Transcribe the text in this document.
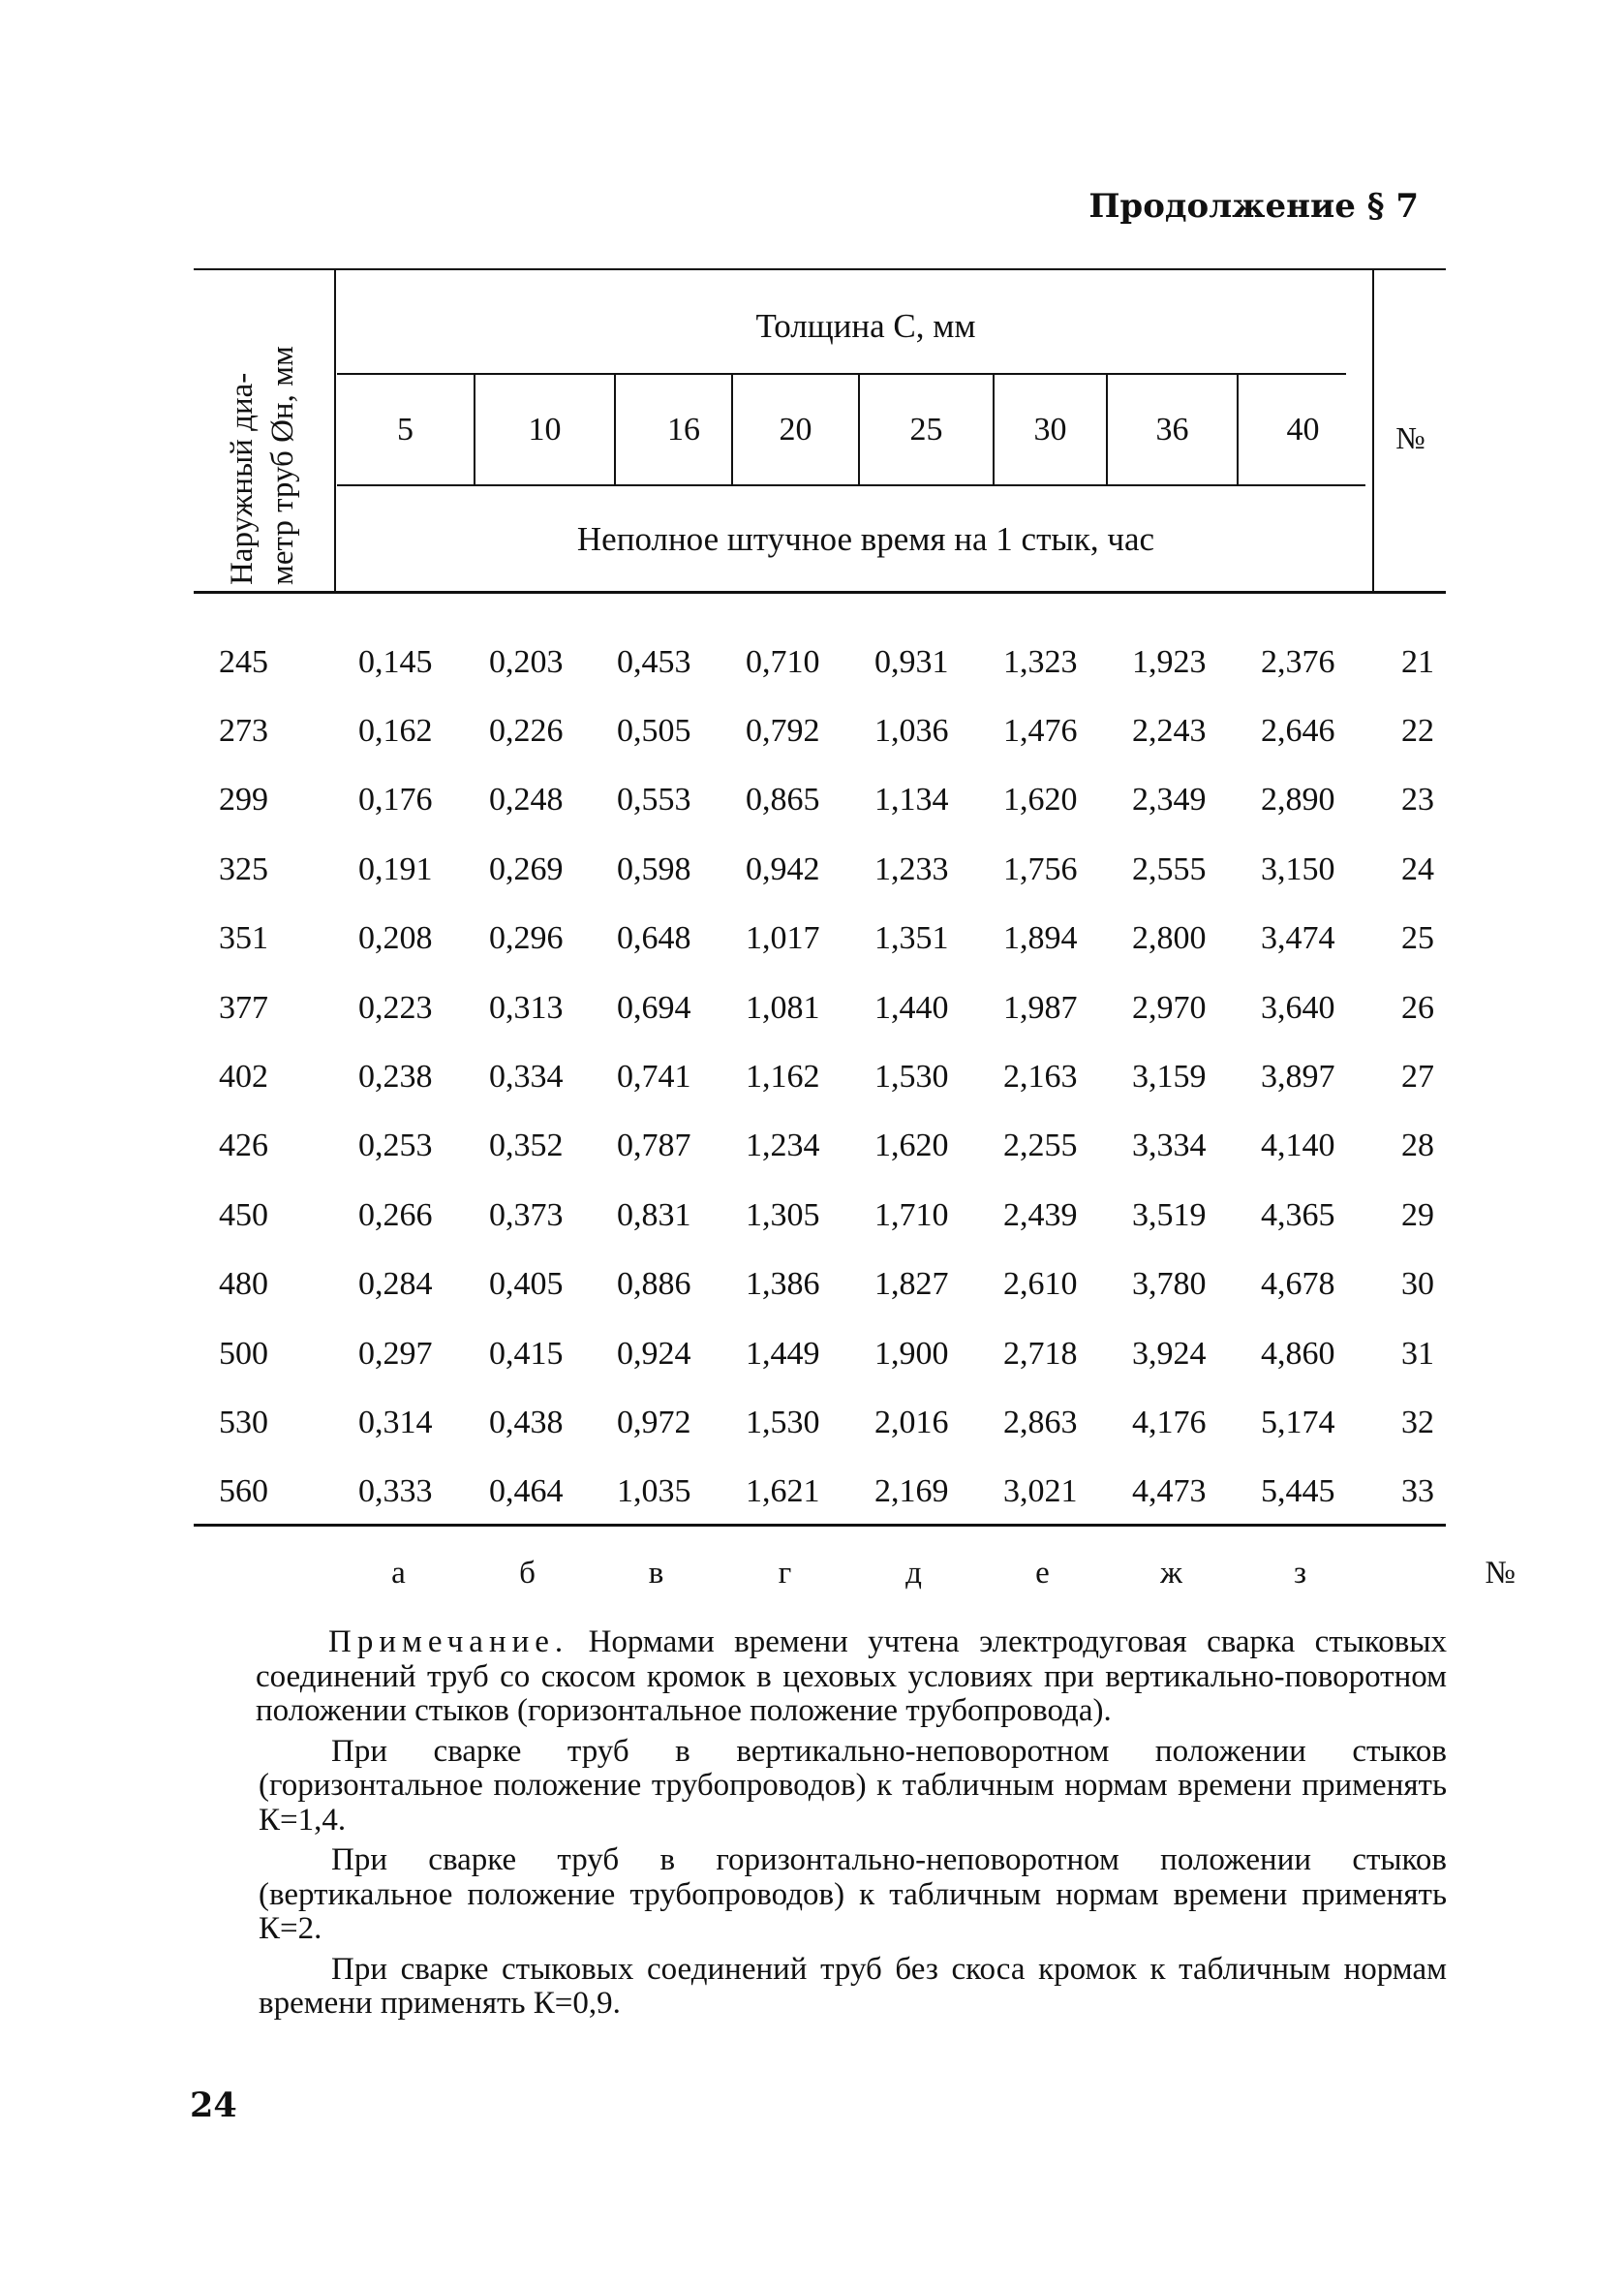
Продолжение § 7
Наружный диа- метр труб Øн, мм
Толщина С, мм
5	10	16	20	25	30	36	40
Неполное штучное время на 1 стык, час
№
245	0,145	0,203	0,453	0,710	0,931	1,323	1,923	2,376	21
273	0,162	0,226	0,505	0,792	1,036	1,476	2,243	2,646	22
299	0,176	0,248	0,553	0,865	1,134	1,620	2,349	2,890	23
325	0,191	0,269	0,598	0,942	1,233	1,756	2,555	3,150	24
351	0,208	0,296	0,648	1,017	1,351	1,894	2,800	3,474	25
377	0,223	0,313	0,694	1,081	1,440	1,987	2,970	3,640	26
402	0,238	0,334	0,741	1,162	1,530	2,163	3,159	3,897	27
426	0,253	0,352	0,787	1,234	1,620	2,255	3,334	4,140	28
450	0,266	0,373	0,831	1,305	1,710	2,439	3,519	4,365	29
480	0,284	0,405	0,886	1,386	1,827	2,610	3,780	4,678	30
500	0,297	0,415	0,924	1,449	1,900	2,718	3,924	4,860	31
530	0,314	0,438	0,972	1,530	2,016	2,863	4,176	5,174	32
560	0,333	0,464	1,035	1,621	2,169	3,021	4,473	5,445	33
	а	б	в	г	д	е	ж	з	№

Примечание. Нормами времени учтена электродуговая сварка стыковых соединений труб со скосом кромок в цеховых условиях при вертикально-поворотном положении стыков (горизонтальное положение трубопровода).

При сварке труб в вертикально-неповоротном положении стыков (горизонтальное положение трубопроводов) к табличным нормам времени применять К=1,4.

При сварке труб в горизонтально-неповоротном положении стыков (вертикальное положение трубопроводов) к табличным нормам времени применять К=2.

При сварке стыковых соединений труб без скоса кромок к табличным нормам времени применять К=0,9.

24
